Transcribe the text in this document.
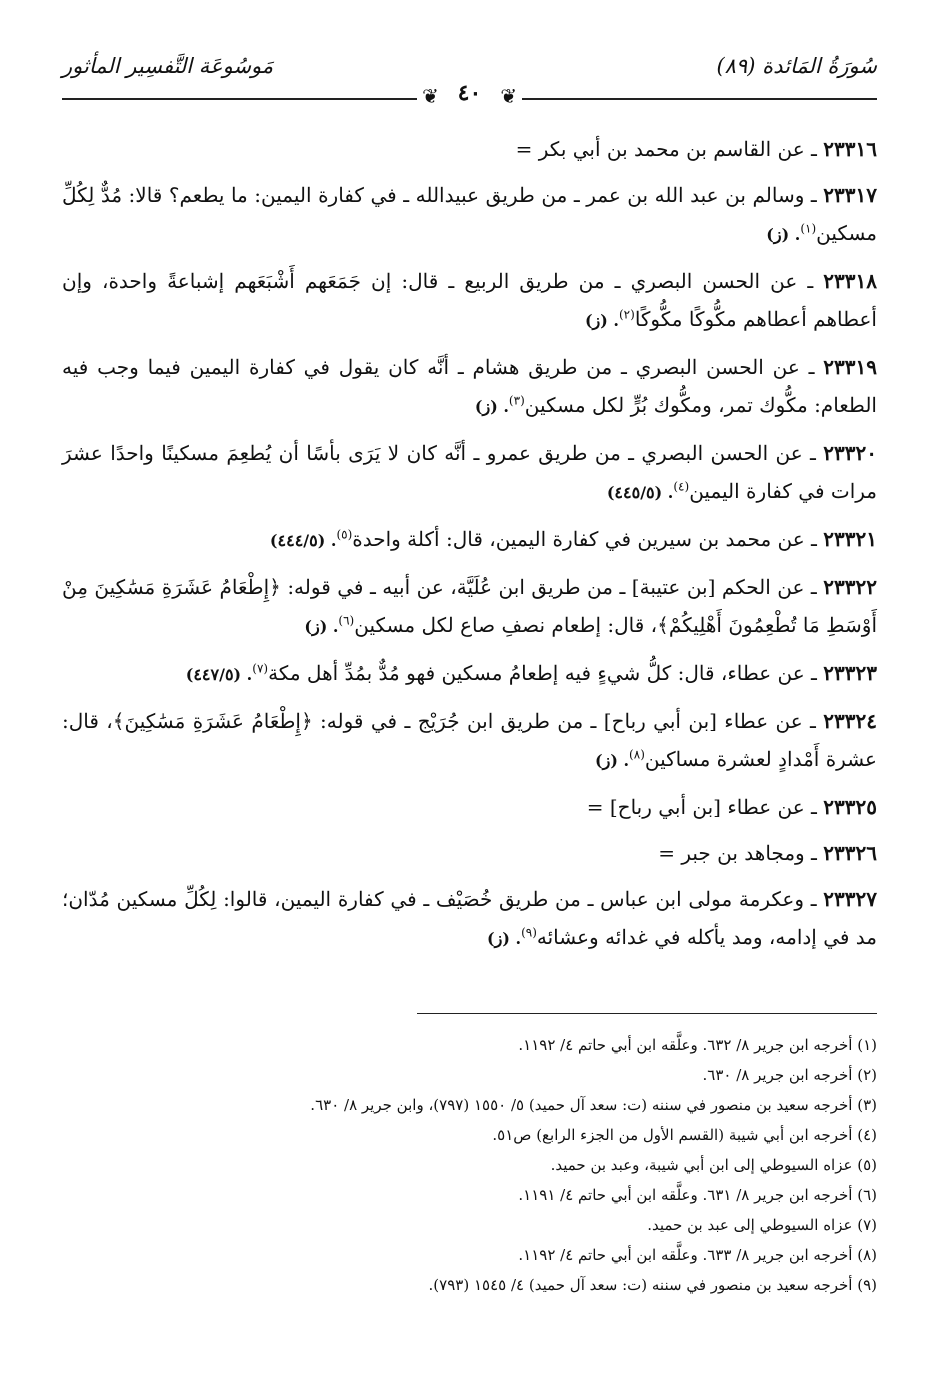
سُورَةُ المَائدة (٨٩)
مَوسُوعَة التَّفسِير المأثور
❦
❦ ٤٠
٢٣٣١٦ ـ عن القاسم بن محمد بن أبي بكر =
٢٣٣١٧ ـ وسالم بن عبد الله بن عمر ـ من طريق عبيدالله ـ في كفارة اليمين: ما يطعم؟ قالا: مُدٌّ لِكُلِّ مسكين$^{(١)}$. (ز)
٢٣٣١٨ ـ عن الحسن البصري ـ من طريق الربيع ـ قال: إن جَمَعَهم أَشْبَعَهم إشباعةً واحدة، وإن أعطاهم أعطاهم مكُّوكًا مكُّوكًا$^{(٢)}$. (ز)
٢٣٣١٩ ـ عن الحسن البصري ـ من طريق هشام ـ أنَّه كان يقول في كفارة اليمين فيما وجب فيه الطعام: مكُّوك تمر، ومكُّوك بُرٍّ لكل مسكين$^{(٣)}$. (ز)
٢٣٣٢٠ ـ عن الحسن البصري ـ من طريق عمرو ـ أنَّه كان لا يَرَى بأسًا أن يُطعِمَ مسكينًا واحدًا عشرَ مرات في كفارة اليمين$^{(٤)}$. (٤٤٥/٥)
٢٣٣٢١ ـ عن محمد بن سيرين في كفارة اليمين، قال: أكلة واحدة$^{(٥)}$. (٤٤٤/٥)
٢٣٣٢٢ ـ عن الحكم [بن عتيبة] ـ من طريق ابن عُلَيَّة، عن أبيه ـ في قوله: ﴿إِطْعَامُ عَشَرَةِ مَسَٰكِينَ مِنْ أَوْسَطِ مَا تُطْعِمُونَ أَهْلِيكُمْ﴾، قال: إطعام نصفِ صاع لكل مسكين$^{(٦)}$. (ز)
٢٣٣٢٣ ـ عن عطاء، قال: كلُّ شيءٍ فيه إطعامُ مسكين فهو مُدٌّ بمُدِّ أهل مكة$^{(٧)}$. (٤٤٧/٥)
٢٣٣٢٤ ـ عن عطاء [بن أبي رباح] ـ من طريق ابن جُرَيْج ـ في قوله: ﴿إِطْعَامُ عَشَرَةِ مَسَٰكِينَ﴾، قال: عشرة أَمْدادٍ لعشرة مساكين$^{(٨)}$. (ز)
٢٣٣٢٥ ـ عن عطاء [بن أبي رباح] =
٢٣٣٢٦ ـ ومجاهد بن جبر =
٢٣٣٢٧ ـ وعكرمة مولى ابن عباس ـ من طريق خُصَيْف ـ في كفارة اليمين، قالوا: لِكُلِّ مسكين مُدّان؛ مد في إدامه، ومد يأكله في غدائه وعشائه$^{(٩)}$. (ز)
(١) أخرجه ابن جرير ٨/ ٦٣٢. وعلَّقه ابن أبي حاتم ٤/ ١١٩٢.
(٢) أخرجه ابن جرير ٨/ ٦٣٠.
(٣) أخرجه سعيد بن منصور في سننه (ت: سعد آل حميد) ٥/ ١٥٥٠ (٧٩٧)، وابن جرير ٨/ ٦٣٠.
(٤) أخرجه ابن أبي شيبة (القسم الأول من الجزء الرابع) ص٥١.
(٥) عزاه السيوطي إلى ابن أبي شيبة، وعبد بن حميد.
(٦) أخرجه ابن جرير ٨/ ٦٣١. وعلَّقه ابن أبي حاتم ٤/ ١١٩١.
(٧) عزاه السيوطي إلى عبد بن حميد.
(٨) أخرجه ابن جرير ٨/ ٦٣٣. وعلَّقه ابن أبي حاتم ٤/ ١١٩٢.
(٩) أخرجه سعيد بن منصور في سننه (ت: سعد آل حميد) ٤/ ١٥٤٥ (٧٩٣).
